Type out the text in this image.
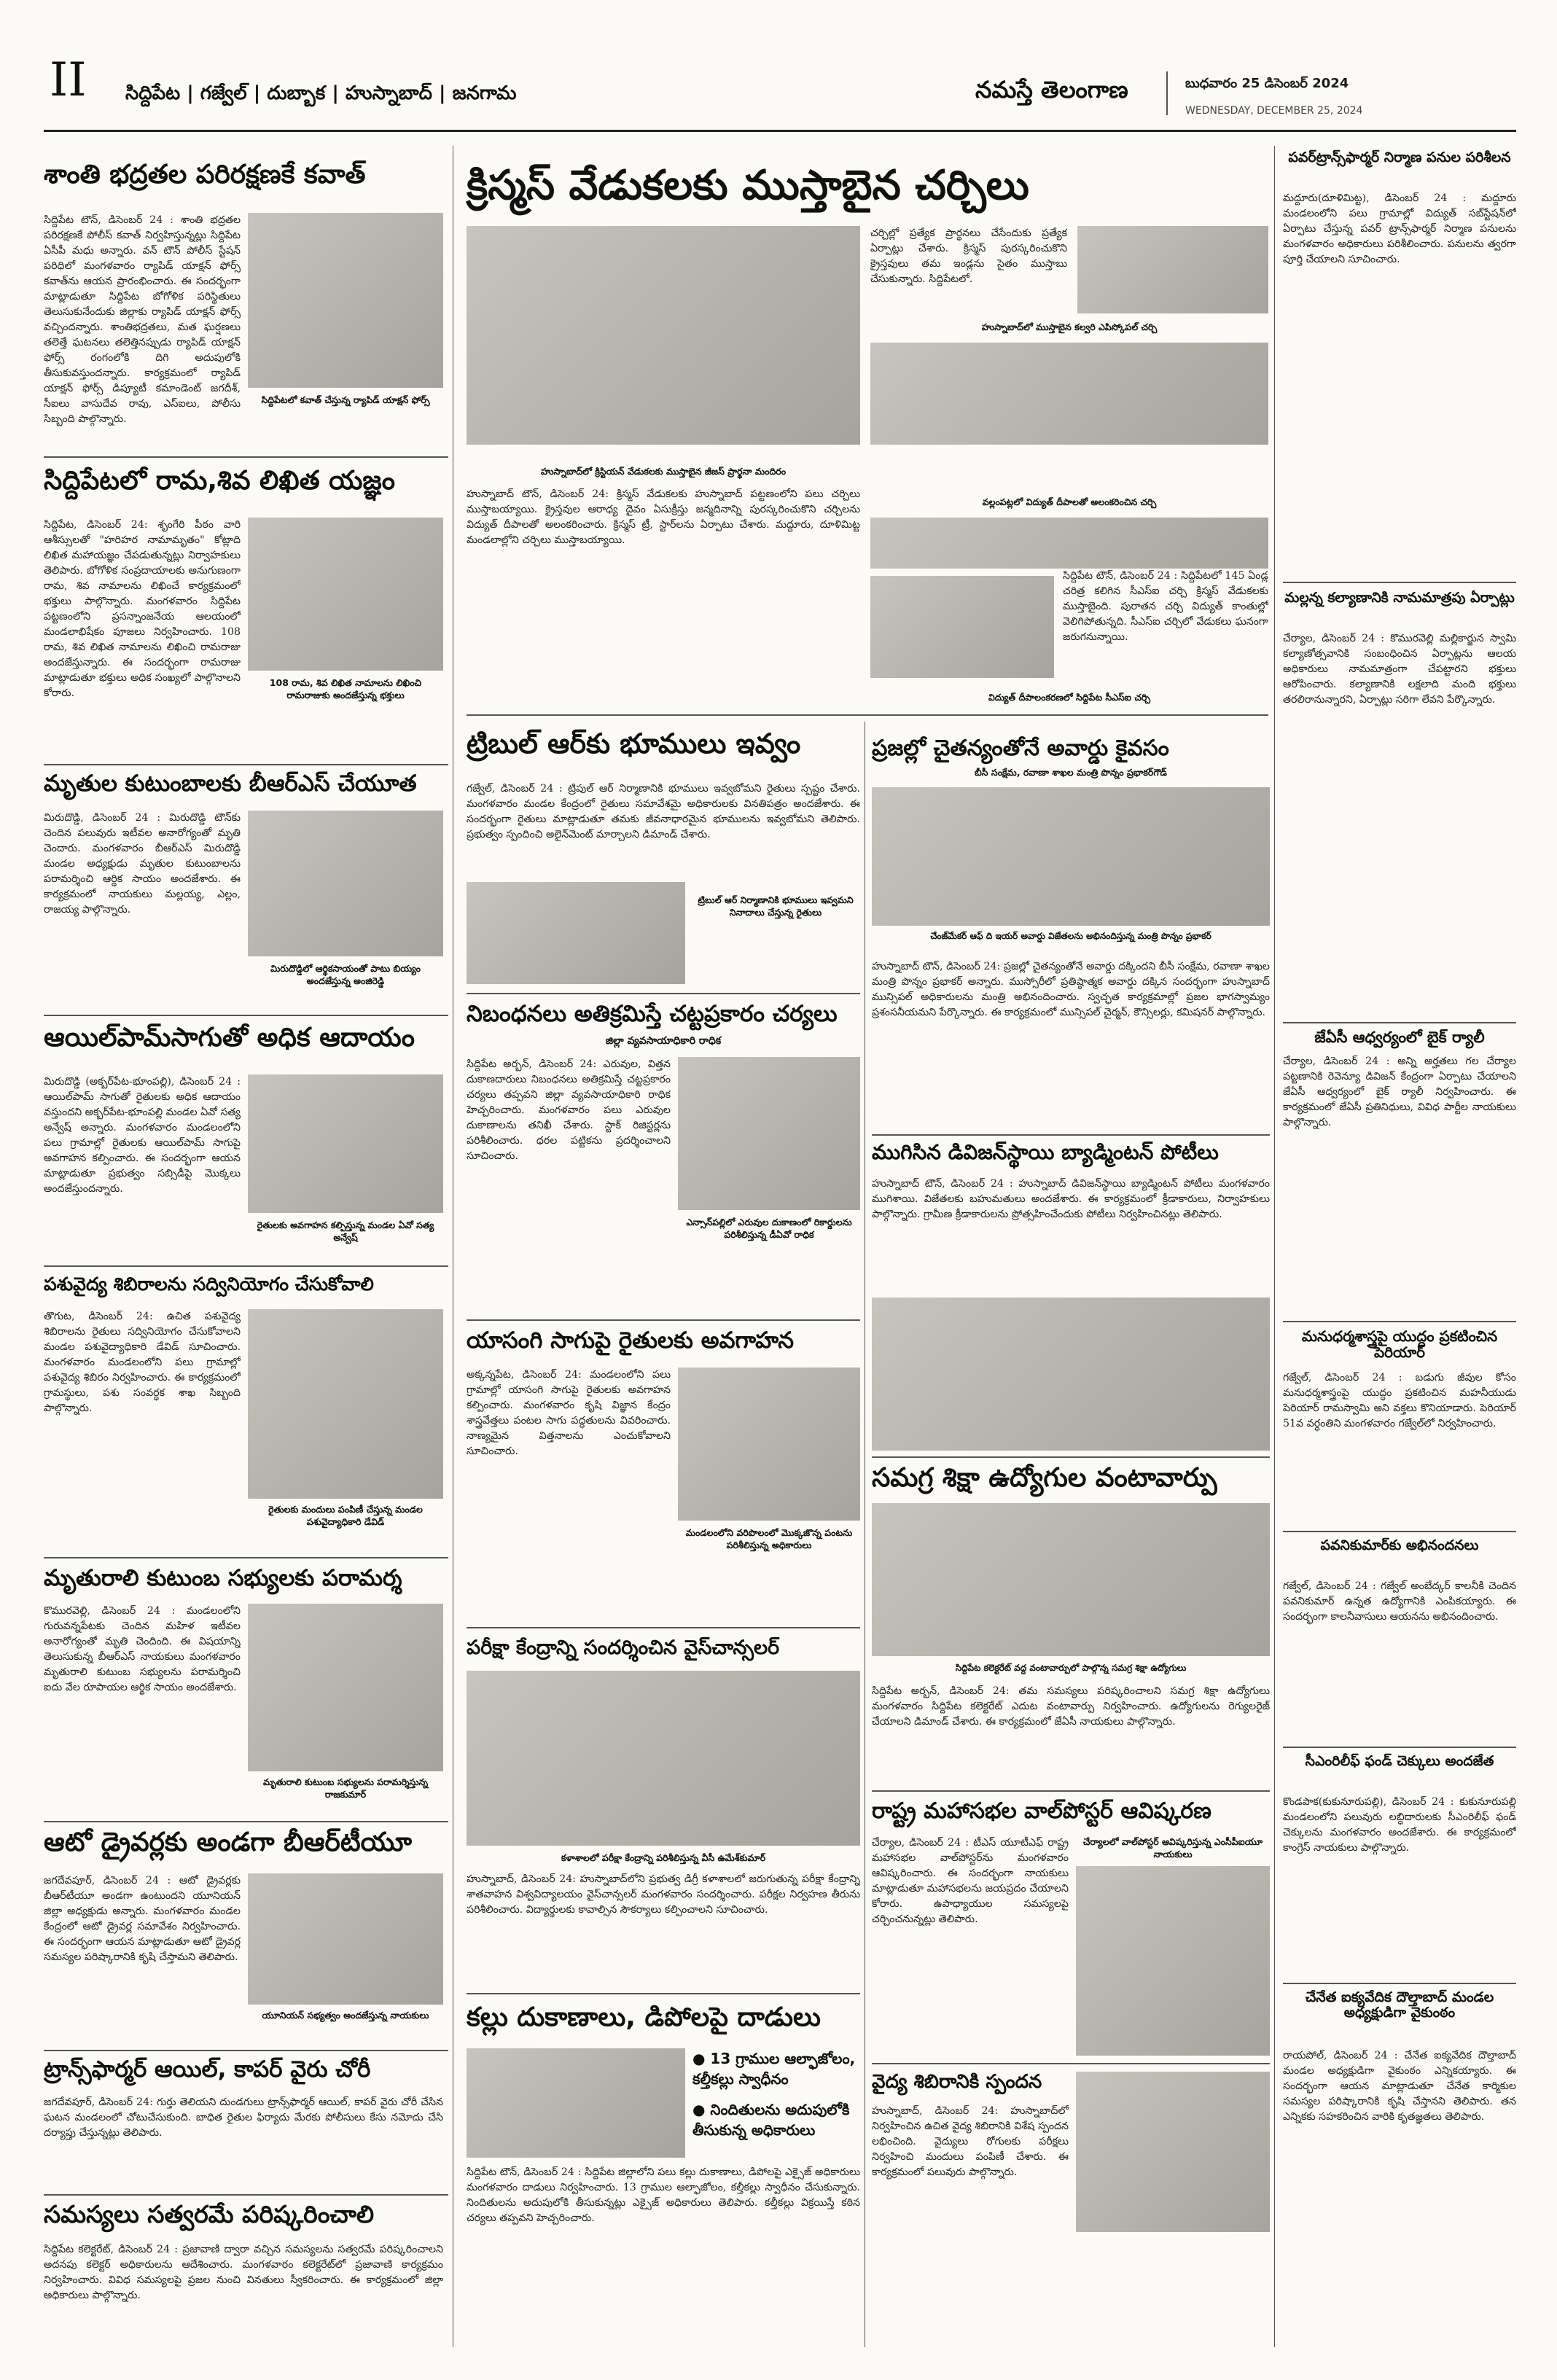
II సిద్దిపేట | గజ్వేల్ | దుబ్బాక | హుస్నాబాద్ | జనగామ	నమస్తే తెలంగాణ	బుధవారం 25 డిసెంబర్ 2024
WEDNESDAY, DECEMBER 25, 2024
శాంతి భద్రతల పరిరక్షణకే కవాత్
సిద్దిపేట టౌన్, డిసెంబర్ 24 : శాంతి భద్రతల పరిరక్షణకే పోలీస్ కవాత్ నిర్వహిస్తున్నట్లు సిద్దిపేట ఏసీపీ మధు అన్నారు. వన్ టౌన్ పోలీస్ స్టేషన్ పరిధిలో మంగళవారం ర్యాపిడ్ యాక్షన్ ఫోర్స్ కవాత్‌ను ఆయన ప్రారంభించారు. ఈ సందర్భంగా మాట్లాడుతూ సిద్దిపేట బోగోళిక పరిస్థితులు తెలుసుకునేందుకు జిల్లాకు ర్యాపిడ్ యాక్షన్ ఫోర్స్ వచ్చిందన్నారు. శాంతిభద్రతలు, మత ఘర్షణలు తలెత్తే ఘటనలు తలెత్తినప్పుడు ర్యాపిడ్ యాక్షన్ ఫోర్స్ రంగంలోకి దిగి అదుపులోకి తీసుకువస్తుందన్నారు. కార్యక్రమంలో ర్యాపిడ్ యాక్షన్ ఫోర్స్ డిప్యూటీ కమాండెంట్ జగదీశ్, సీఐలు వాసుదేవ రావు, ఎస్ఐలు, పోలీసు సిబ్బంది పాల్గొన్నారు.
సిద్దిపేటలో కవాత్ చేస్తున్న ర్యాపిడ్ యాక్షన్ ఫోర్స్
సిద్దిపేటలో రామ,శివ లిఖిత యజ్ఞం
సిద్దిపేట, డిసెంబర్ 24: శృంగేరి పీఠం వారి ఆశీస్సులతో "హరిహర నామామృతం" కోట్లాది లిఖిత మహాయజ్ఞం చేపడుతున్నట్లు నిర్వాహకులు తెలిపారు. బోగోళిక సంప్రదాయాలకు అనుగుణంగా రామ, శివ నామాలను లిఖించే కార్యక్రమంలో భక్తులు పాల్గొన్నారు. మంగళవారం సిద్దిపేట పట్టణంలోని ప్రసన్నాంజనేయ ఆలయంలో మండలాభిషేకం పూజలు నిర్వహించారు. 108 రామ, శివ లిఖిత నామాలను లిఖించి రామరాజు అందజేస్తున్నారు. ఈ సందర్భంగా రామరాజు మాట్లాడుతూ భక్తులు అధిక సంఖ్యలో పాల్గొనాలని కోరారు.
108 రామ, శివ లిఖిత నామాలను లిఖించి రామరాజుకు అందజేస్తున్న భక్తులు
మృతుల కుటుంబాలకు బీఆర్ఎస్ చేయూత
మిరుదొడ్డి, డిసెంబర్ 24 : మిరుదొడ్డి టౌన్‌కు చెందిన పలువురు ఇటీవల అనారోగ్యంతో మృతి చెందారు. మంగళవారం బీఆర్ఎస్ మిరుదొడ్డి మండల అధ్యక్షుడు మృతుల కుటుంబాలను పరామర్శించి ఆర్థిక సాయం అందజేశారు. ఈ కార్యక్రమంలో నాయకులు మల్లయ్య, ఎల్లం, రాజయ్య పాల్గొన్నారు.
మిరుదొడ్డిలో ఆర్థికసాయంతో పాటు బియ్యం అందజేస్తున్న అంజిరెడ్డి
ఆయిల్‌పామ్‌సాగుతో అధిక ఆదాయం
మిరుదొడ్డి (అక్బర్‌పేట-భూంపల్లి), డిసెంబర్ 24 : ఆయిల్‌పామ్ సాగుతో రైతులకు అధిక ఆదాయం వస్తుందని అక్బర్‌పేట-భూంపల్లి మండల ఏవో సత్య అన్వేష్ అన్నారు. మంగళవారం మండలంలోని పలు గ్రామాల్లో రైతులకు ఆయిల్‌పామ్ సాగుపై అవగాహన కల్పించారు. ఈ సందర్భంగా ఆయన మాట్లాడుతూ ప్రభుత్వం సబ్సిడీపై మొక్కలు అందజేస్తుందన్నారు.
రైతులకు అవగాహన కల్పిస్తున్న మండల ఏవో సత్య అన్వేష్
పశువైద్య శిబిరాలను సద్వినియోగం చేసుకోవాలి
తొగుట, డిసెంబర్ 24: ఉచిత పశువైద్య శిబిరాలను రైతులు సద్వినియోగం చేసుకోవాలని మండల పశువైద్యాధికారి డేవిడ్ సూచించారు. మంగళవారం మండలంలోని పలు గ్రామాల్లో పశువైద్య శిబిరం నిర్వహించారు. ఈ కార్యక్రమంలో గ్రామస్థులు, పశు సంవర్ధక శాఖ సిబ్బంది పాల్గొన్నారు.
రైతులకు మందులు పంపిణీ చేస్తున్న మండల పశువైద్యాధికారి డేవిడ్
మృతురాలి కుటుంబ సభ్యులకు పరామర్శ
కొమురవెల్లి, డిసెంబర్ 24 : మండలంలోని గురువన్నపేటకు చెందిన మహిళ ఇటీవల అనారోగ్యంతో మృతి చెందింది. ఈ విషయాన్ని తెలుసుకున్న బీఆర్ఎస్ నాయకులు మంగళవారం మృతురాలి కుటుంబ సభ్యులను పరామర్శించి ఐదు వేల రూపాయల ఆర్థిక సాయం అందజేశారు.
మృతురాలి కుటుంబ సభ్యులను పరామర్శిస్తున్న రాజకుమార్
ఆటో డ్రైవర్లకు అండగా బీఆర్‌టీయూ
జగదేవపూర్, డిసెంబర్ 24 : ఆటో డ్రైవర్లకు బీఆర్‌టీయూ అండగా ఉంటుందని యూనియన్ జిల్లా అధ్యక్షుడు అన్నారు. మంగళవారం మండల కేంద్రంలో ఆటో డ్రైవర్ల సమావేశం నిర్వహించారు. ఈ సందర్భంగా ఆయన మాట్లాడుతూ ఆటో డ్రైవర్ల సమస్యల పరిష్కారానికి కృషి చేస్తామని తెలిపారు.
యూనియన్ సభ్యత్వం అందజేస్తున్న నాయకులు
ట్రాన్స్‌ఫార్మర్ ఆయిల్, కాపర్ వైరు చోరీ
జగదేవపూర్, డిసెంబర్ 24: గుర్తు తెలియని దుండగులు ట్రాన్స్‌ఫార్మర్ ఆయిల్, కాపర్ వైరు చోరీ చేసిన ఘటన మండలంలో చోటుచేసుకుంది. బాధిత రైతుల ఫిర్యాదు మేరకు పోలీసులు కేసు నమోదు చేసి దర్యాప్తు చేస్తున్నట్లు తెలిపారు.
సమస్యలు సత్వరమే పరిష్కరించాలి
సిద్దిపేట కలెక్టరేట్, డిసెంబర్ 24 : ప్రజావాణి ద్వారా వచ్చిన సమస్యలను సత్వరమే పరిష్కరించాలని అదనపు కలెక్టర్ అధికారులను ఆదేశించారు. మంగళవారం కలెక్టరేట్‌లో ప్రజావాణి కార్యక్రమం నిర్వహించారు. వివిధ సమస్యలపై ప్రజల నుంచి వినతులు స్వీకరించారు. ఈ కార్యక్రమంలో జిల్లా అధికారులు పాల్గొన్నారు.
క్రిస్మస్ వేడుకలకు ముస్తాబైన చర్చిలు
చర్చిల్లో ప్రత్యేక ప్రార్థనలు చేసేందుకు ప్రత్యేక ఏర్పాట్లు చేశారు. క్రిస్మస్ పురస్కరించుకొని క్రైస్తవులు తమ ఇండ్లను సైతం ముస్తాబు చేసుకున్నారు. సిద్దిపేటలో.
హుస్నాబాద్‌లో ముస్తాబైన కల్వరి ఎపిస్కోపల్ చర్చి
హుస్నాబాద్‌లో క్రిస్టియన్ వేడుకలకు ముస్తాబైన జీజస్ ప్రార్థనా మందిరం
హుస్నాబాద్ టౌన్, డిసెంబర్ 24: క్రిస్మస్ వేడుకలకు హుస్నాబాద్ పట్టణంలోని పలు చర్చిలు ముస్తాబయ్యాయి. క్రైస్తవుల ఆరాధ్య దైవం ఏసుక్రీస్తు జన్మదినాన్ని పురస్కరించుకొని చర్చిలను విద్యుత్ దీపాలతో అలంకరించారు. క్రిస్మస్ ట్రీ, స్టార్‌లను ఏర్పాటు చేశారు. మద్దూరు, దూళిమిట్ట మండలాల్లోని చర్చిలు ముస్తాబయ్యాయి.
వల్లంపట్లలో విద్యుత్ దీపాలతో అలంకరించిన చర్చి
సిద్దిపేట టౌన్, డిసెంబర్ 24 : సిద్దిపేటలో 145 ఏండ్ల చరిత్ర కలిగిన సీఎస్ఐ చర్చి క్రిస్మస్ వేడుకలకు ముస్తాబైంది. పురాతన చర్చి విద్యుత్ కాంతుల్లో వెలిగిపోతున్నది. సీఎస్ఐ చర్చిలో వేడుకలు ఘనంగా జరుగనున్నాయి.
విద్యుత్ దీపాలంకరణలో సిద్దిపేట సీఎస్ఐ చర్చి
ట్రిబుల్ ఆర్‌కు భూములు ఇవ్వం
గజ్వేల్, డిసెంబర్ 24 : ట్రిపుల్ ఆర్ నిర్మాణానికి భూములు ఇవ్వబోమని రైతులు స్పష్టం చేశారు. మంగళవారం మండల కేంద్రంలో రైతులు సమావేశమై అధికారులకు వినతిపత్రం అందజేశారు. ఈ సందర్భంగా రైతులు మాట్లాడుతూ తమకు జీవనాధారమైన భూములను ఇవ్వబోమని తెలిపారు. ప్రభుత్వం స్పందించి అలైన్‌మెంట్ మార్చాలని డిమాండ్ చేశారు.
ట్రిబుల్ ఆర్ నిర్మాణానికి భూములు ఇవ్వమని నినాదాలు చేస్తున్న రైతులు
నిబంధనలు అతిక్రమిస్తే చట్టప్రకారం చర్యలు
జిల్లా వ్యవసాయాధికారి రాధిక
సిద్దిపేట అర్బన్, డిసెంబర్ 24: ఎరువుల, విత్తన దుకాణదారులు నిబంధనలు అతిక్రమిస్తే చట్టప్రకారం చర్యలు తప్పవని జిల్లా వ్యవసాయాధికారి రాధిక హెచ్చరించారు. మంగళవారం పలు ఎరువుల దుకాణాలను తనిఖీ చేశారు. స్టాక్ రిజిస్టర్లను పరిశీలించారు. ధరల పట్టికను ప్రదర్శించాలని సూచించారు.
ఎన్సాన్‌పల్లిలో ఎరువుల దుకాణంలో రికార్డులను పరిశీలిస్తున్న డీఏవో రాధిక
యాసంగి సాగుపై రైతులకు అవగాహన
అక్కన్నపేట, డిసెంబర్ 24: మండలంలోని పలు గ్రామాల్లో యాసంగి సాగుపై రైతులకు అవగాహన కల్పించారు. మంగళవారం కృషి విజ్ఞాన కేంద్రం శాస్త్రవేత్తలు పంటల సాగు పద్ధతులను వివరించారు. నాణ్యమైన విత్తనాలను ఎంచుకోవాలని సూచించారు.
మండలంలోని వరిపొలంలో మొక్కజొన్న పంటను పరిశీలిస్తున్న అధికారులు
పరీక్షా కేంద్రాన్ని సందర్శించిన వైస్‌చాన్సలర్
కళాశాలలో పరీక్షా కేంద్రాన్ని పరిశీలిస్తున్న వీసీ ఉమేశ్‌కుమార్
హుస్నాబాద్, డిసెంబర్ 24: హుస్నాబాద్‌లోని ప్రభుత్వ డిగ్రీ కళాశాలలో జరుగుతున్న పరీక్షా కేంద్రాన్ని శాతవాహన విశ్వవిద్యాలయం వైస్‌చాన్సలర్ మంగళవారం సందర్శించారు. పరీక్షల నిర్వహణ తీరును పరిశీలించారు. విద్యార్థులకు కావాల్సిన సౌకర్యాలు కల్పించాలని సూచించారు.
కల్లు దుకాణాలు, డిపోలపై దాడులు
● 13 గ్రాముల ఆల్ఫాజోలం, కల్తీకల్లు స్వాధీనం
● నిందితులను అదుపులోకి తీసుకున్న అధికారులు
సిద్దిపేట టౌన్, డిసెంబర్ 24 : సిద్దిపేట జిల్లాలోని పలు కల్లు దుకాణాలు, డిపోలపై ఎక్సైజ్ అధికారులు మంగళవారం దాడులు నిర్వహించారు. 13 గ్రాముల ఆల్ఫాజోలం, కల్తీకల్లు స్వాధీనం చేసుకున్నారు. నిందితులను అదుపులోకి తీసుకున్నట్లు ఎక్సైజ్ అధికారులు తెలిపారు. కల్తీకల్లు విక్రయిస్తే కఠిన చర్యలు తప్పవని హెచ్చరించారు.
ప్రజల్లో చైతన్యంతోనే అవార్డు కైవసం
బీసీ సంక్షేమ, రవాణా శాఖల మంత్రి పొన్నం ప్రభాకర్‌గౌడ్
చేంజ్‌మేకర్ ఆఫ్ ది ఇయర్ అవార్డు విజేతలను అభినందిస్తున్న మంత్రి పొన్నం ప్రభాకర్
హుస్నాబాద్ టౌన్, డిసెంబర్ 24: ప్రజల్లో చైతన్యంతోనే అవార్డు దక్కిందని బీసీ సంక్షేమ, రవాణా శాఖల మంత్రి పొన్నం ప్రభాకర్ అన్నారు. ముస్సోరీలో ప్రతిష్ఠాత్మక అవార్డు దక్కిన సందర్భంగా హుస్నాబాద్ మున్సిపల్ అధికారులను మంత్రి అభినందించారు. స్వచ్ఛత కార్యక్రమాల్లో ప్రజల భాగస్వామ్యం ప్రశంసనీయమని పేర్కొన్నారు. ఈ కార్యక్రమంలో మున్సిపల్ చైర్మన్, కౌన్సిలర్లు, కమిషనర్ పాల్గొన్నారు.
ముగిసిన డివిజన్‌స్థాయి బ్యాడ్మింటన్ పోటీలు
హుస్నాబాద్ టౌన్, డిసెంబర్ 24 : హుస్నాబాద్ డివిజన్‌స్థాయి బ్యాడ్మింటన్ పోటీలు మంగళవారం ముగిశాయి. విజేతలకు బహుమతులు అందజేశారు. ఈ కార్యక్రమంలో క్రీడాకారులు, నిర్వాహకులు పాల్గొన్నారు. గ్రామీణ క్రీడాకారులను ప్రోత్సహించేందుకు పోటీలు నిర్వహించినట్లు తెలిపారు.
సమగ్ర శిక్షా ఉద్యోగుల వంటావార్పు
సిద్దిపేట కలెక్టరేట్ వద్ద వంటావార్పులో పాల్గొన్న సమగ్ర శిక్షా ఉద్యోగులు
సిద్దిపేట అర్బన్, డిసెంబర్ 24: తమ సమస్యలు పరిష్కరించాలని సమగ్ర శిక్షా ఉద్యోగులు మంగళవారం సిద్దిపేట కలెక్టరేట్ ఎదుట వంటావార్పు నిర్వహించారు. ఉద్యోగులను రెగ్యులరైజ్ చేయాలని డిమాండ్ చేశారు. ఈ కార్యక్రమంలో జేఏసీ నాయకులు పాల్గొన్నారు.
రాష్ట్ర మహాసభల వాల్‌పోస్టర్ ఆవిష్కరణ
చేర్యాల, డిసెంబర్ 24 : టీఎస్ యూటీఎఫ్ రాష్ట్ర మహాసభల వాల్‌పోస్టర్‌ను మంగళవారం ఆవిష్కరించారు. ఈ సందర్భంగా నాయకులు మాట్లాడుతూ మహాసభలను జయప్రదం చేయాలని కోరారు. ఉపాధ్యాయుల సమస్యలపై చర్చించనున్నట్లు తెలిపారు.
చేర్యాలలో వాల్‌పోస్టర్ ఆవిష్కరిస్తున్న ఎంసీపీఐయూ నాయకులు
వైద్య శిబిరానికి స్పందన
హుస్నాబాద్, డిసెంబర్ 24: హుస్నాబాద్‌లో నిర్వహించిన ఉచిత వైద్య శిబిరానికి విశేష స్పందన లభించింది. వైద్యులు రోగులకు పరీక్షలు నిర్వహించి మందులు పంపిణీ చేశారు. ఈ కార్యక్రమంలో పలువురు పాల్గొన్నారు.
పవర్‌ట్రాన్స్‌ఫార్మర్ నిర్మాణ పనుల పరిశీలన
మద్దూరు(దూళిమిట్ట), డిసెంబర్ 24 : మద్దూరు మండలంలోని పలు గ్రామాల్లో విద్యుత్ సబ్‌స్టేషన్‌లో ఏర్పాటు చేస్తున్న పవర్ ట్రాన్స్‌ఫార్మర్ నిర్మాణ పనులను మంగళవారం అధికారులు పరిశీలించారు. పనులను త్వరగా పూర్తి చేయాలని సూచించారు.
మల్లన్న కల్యాణానికి నామమాత్రపు ఏర్పాట్లు
చేర్యాల, డిసెంబర్ 24 : కొమురవెల్లి మల్లికార్జున స్వామి కల్యాణోత్సవానికి సంబంధించిన ఏర్పాట్లను ఆలయ అధికారులు నామమాత్రంగా చేపట్టారని భక్తులు ఆరోపించారు. కల్యాణానికి లక్షలాది మంది భక్తులు తరలిరానున్నారని, ఏర్పాట్లు సరిగా లేవని పేర్కొన్నారు.
జేఏసీ ఆధ్వర్యంలో బైక్ ర్యాలీ
చేర్యాల, డిసెంబర్ 24 : అన్ని అర్హతలు గల చేర్యాల పట్టణానికి రెవెన్యూ డివిజన్ కేంద్రంగా ఏర్పాటు చేయాలని జేఏసీ ఆధ్వర్యంలో బైక్ ర్యాలీ నిర్వహించారు. ఈ కార్యక్రమంలో జేఏసీ ప్రతినిధులు, వివిధ పార్టీల నాయకులు పాల్గొన్నారు.
మనుధర్మశాస్త్రపై యుద్ధం ప్రకటించిన పెరియార్
గజ్వేల్, డిసెంబర్ 24 : బడుగు జీవుల కోసం మనుధర్మశాస్త్రంపై యుద్ధం ప్రకటించిన మహనీయుడు పెరియార్ రామస్వామి అని వక్తలు కొనియాడారు. పెరియార్ 51వ వర్ధంతిని మంగళవారం గజ్వేల్‌లో నిర్వహించారు.
పవనికుమార్‌కు అభినందనలు
గజ్వేల్, డిసెంబర్ 24 : గజ్వేల్ అంబేద్కర్ కాలనీకి చెందిన పవనికుమార్ ఉన్నత ఉద్యోగానికి ఎంపికయ్యారు. ఈ సందర్భంగా కాలనీవాసులు ఆయనను అభినందించారు.
సీఎంరిలీఫ్ ఫండ్ చెక్కులు అందజేత
కొండపాక(కుకునూరుపల్లి), డిసెంబర్ 24 : కుకునూరుపల్లి మండలంలోని పలువురు లబ్ధిదారులకు సీఎంరిలీఫ్ ఫండ్ చెక్కులను మంగళవారం అందజేశారు. ఈ కార్యక్రమంలో కాంగ్రెస్ నాయకులు పాల్గొన్నారు.
చేనేత ఐక్యవేదిక దౌల్తాబాద్ మండల అధ్యక్షుడిగా వైకుంఠం
రాయపోల్, డిసెంబర్ 24 : చేనేత ఐక్యవేదిక దౌల్తాబాద్ మండల అధ్యక్షుడిగా వైకుంఠం ఎన్నికయ్యారు. ఈ సందర్భంగా ఆయన మాట్లాడుతూ చేనేత కార్మికుల సమస్యల పరిష్కారానికి కృషి చేస్తానని తెలిపారు. తన ఎన్నికకు సహకరించిన వారికి కృతజ్ఞతలు తెలిపారు.
